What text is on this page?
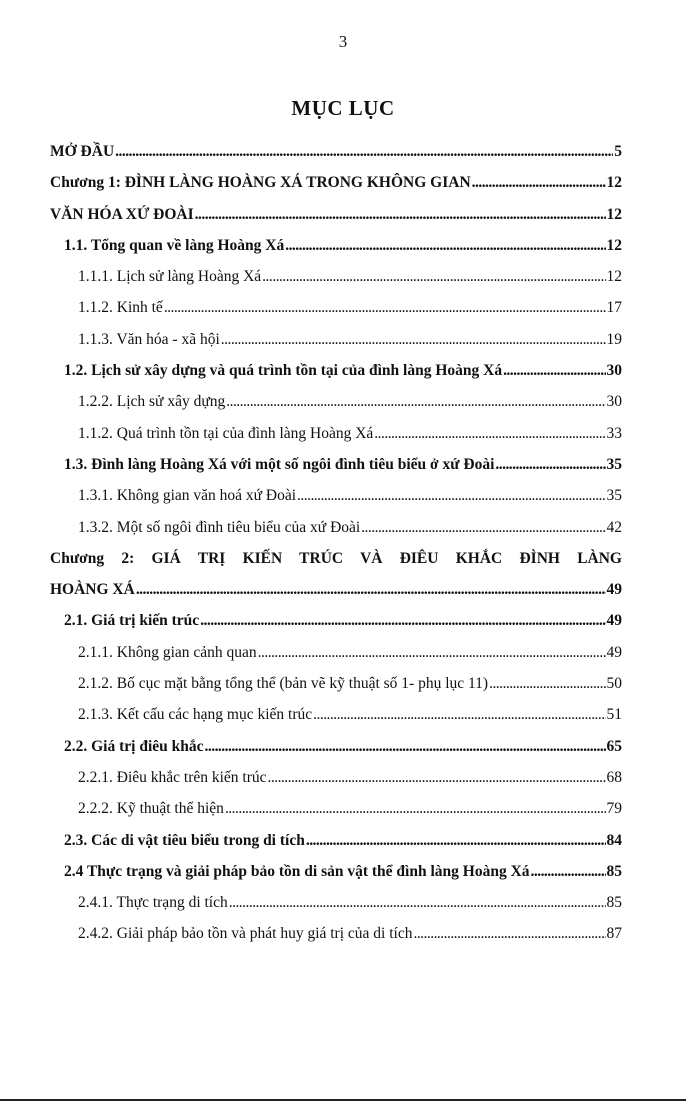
3
MỤC LỤC
MỞ ĐẦU . . .	5
Chương 1: ĐÌNH LÀNG HOÀNG XÁ TRONG KHÔNG GIAN . . .	12
VĂN HÓA XỨ ĐOÀI . . .	12
1.1. Tổng quan về làng Hoàng Xá . . .	12
1.1.1. Lịch sử làng Hoàng Xá . . .	12
1.1.2. Kinh tế . . .	17
1.1.3. Văn hóa - xã hội . . .	19
1.2. Lịch sử xây dựng và quá trình tồn tại của đình làng Hoàng Xá . . .	30
1.2.2. Lịch sử xây dựng . . .	30
1.1.2. Quá trình tồn tại của đình làng Hoàng Xá . . .	33
1.3. Đình làng Hoàng Xá với một số ngôi đình tiêu biểu ở xứ Đoài . . .	35
1.3.1. Không gian văn hoá xứ Đoài . . .	35
1.3.2. Một số ngôi đình tiêu biểu của xứ Đoài . . .	42
Chương 2: GIÁ TRỊ KIẾN TRÚC VÀ ĐIÊU KHẮC ĐÌNH LÀNG
HOÀNG XÁ . . .	49
2.1. Giá trị kiến trúc . . .	49
2.1.1. Không gian cảnh quan . . .	49
2.1.2. Bố cục mặt bằng tổng thể (bản vẽ kỹ thuật số 1- phụ lục 11) . . .	50
2.1.3. Kết cấu các hạng mục kiến trúc . . .	51
2.2. Giá trị điêu khắc . . .	65
2.2.1. Điêu khắc trên kiến trúc . . .	68
2.2.2. Kỹ thuật thể hiện . . .	79
2.3. Các di vật tiêu biểu trong di tích . . .	84
2.4 Thực trạng và giải pháp bảo tồn di sản vật thể đình làng Hoàng Xá . . .	85
2.4.1. Thực trạng di tích . . .	85
2.4.2. Giải pháp bảo tồn và phát huy giá trị của di tích . . .	87
